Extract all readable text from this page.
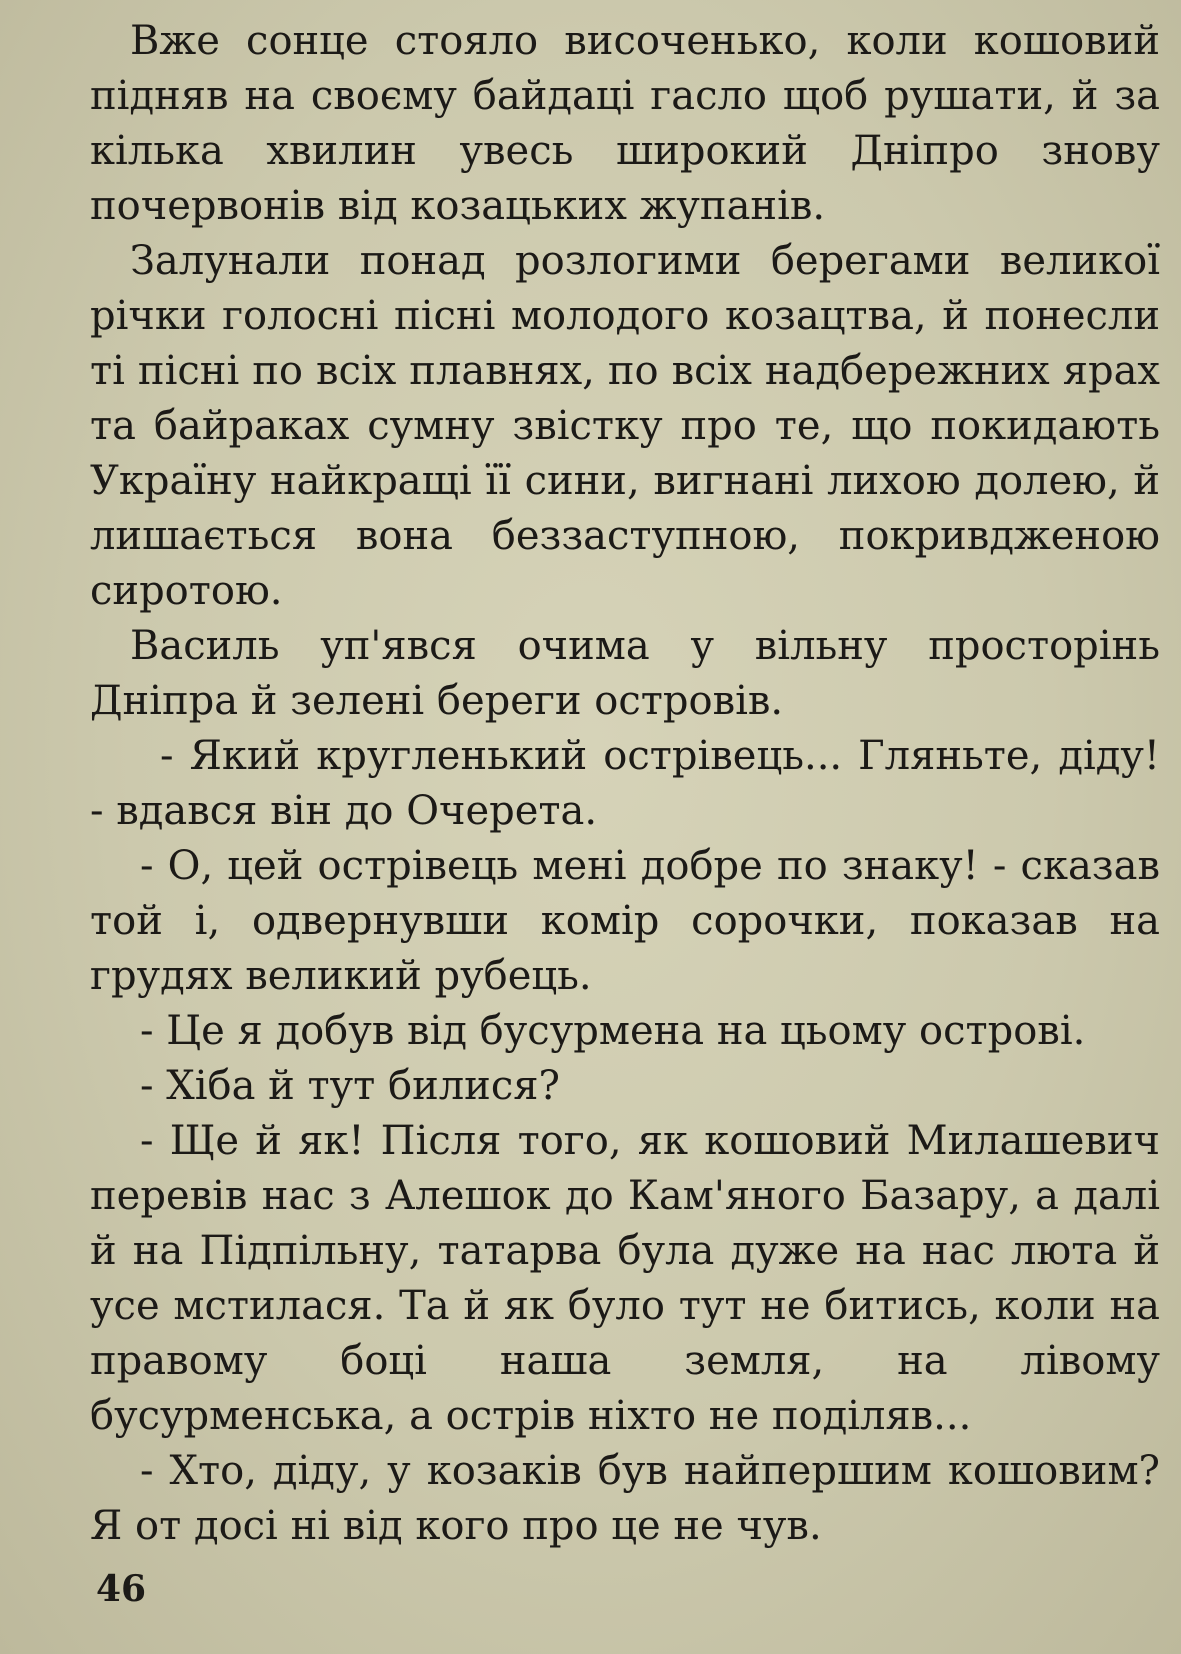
Вже сонце стояло височенько, коли кошовий підняв на своєму байдаці гасло щоб рушати, й за кілька хвилин увесь широкий Дніпро знову почервонів від козацьких жупанів.

Залунали понад розлогими берегами великої річки голосні пісні молодого козацтва, й понесли ті пісні по всіх плавнях, по всіх надбережних ярах та байраках сумну звістку про те, що покидають Україну найкращі її сини, вигнані лихою долею, й лишається вона беззаступною, покривдженою сиротою.

Василь уп'явся очима у вільну просторінь Дніпра й зелені береги островів.

- Який кругленький острівець... Гляньте, діду! - вдався він до Очерета.

- О, цей острівець мені добре по знаку! - сказав той і, одвернувши комір сорочки, показав на грудях великий рубець.

- Це я добув від бусурмена на цьому острові.

- Хіба й тут билися?

- Ще й як! Після того, як кошовий Милашевич перевів нас з Алешок до Кам'яного Базару, а далі й на Підпільну, татарва була дуже на нас люта й усе мстилася. Та й як було тут не битись, коли на правому боці наша земля, на лівому бусурменська, а острів ніхто не поділяв...

- Хто, діду, у козаків був найпершим кошовим? Я от досі ні від кого про це не чув.

46
